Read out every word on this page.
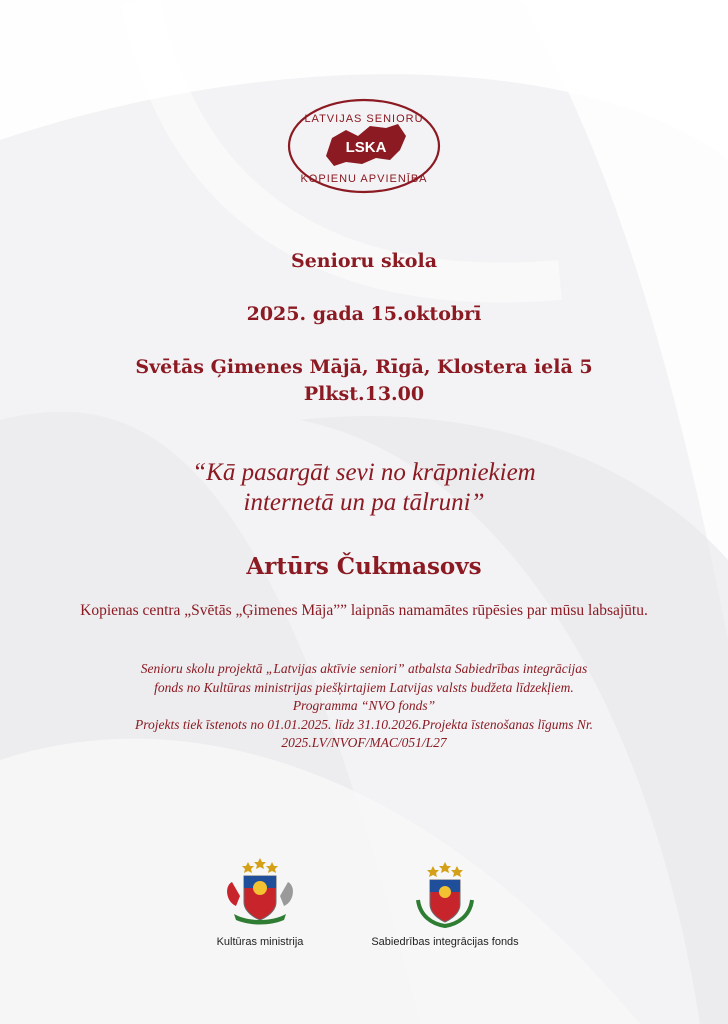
LSKA
LATVIJAS SENIORU
KOPIENU APVIENĪBA

Senioru skola

2025. gada 15.oktobrī

Svētās Ģimenes Mājā, Rīgā, Klostera ielā 5

Plkst.13.00

“Kā pasargāt sevi no krāpniekiem
internetā un pa tālruni”

Artūrs Čukmasovs

Kopienas centra „Svētās „Ģimenes Māja”” laipnās namamātes rūpēsies par mūsu labsajūtu.

Senioru skolu projektā „Latvijas aktīvie seniori” atbalsta Sabiedrības integrācijas
fonds no Kultūras ministrijas piešķirtajiem Latvijas valsts budžeta līdzekļiem.
Programma “NVO fonds”
Projekts tiek īstenots no 01.01.2025. līdz 31.10.2026.Projekta īstenošanas līgums Nr.
2025.LV/NVOF/MAC/051/L27
Kultūras ministrija	Sabiedrības integrācijas fonds
